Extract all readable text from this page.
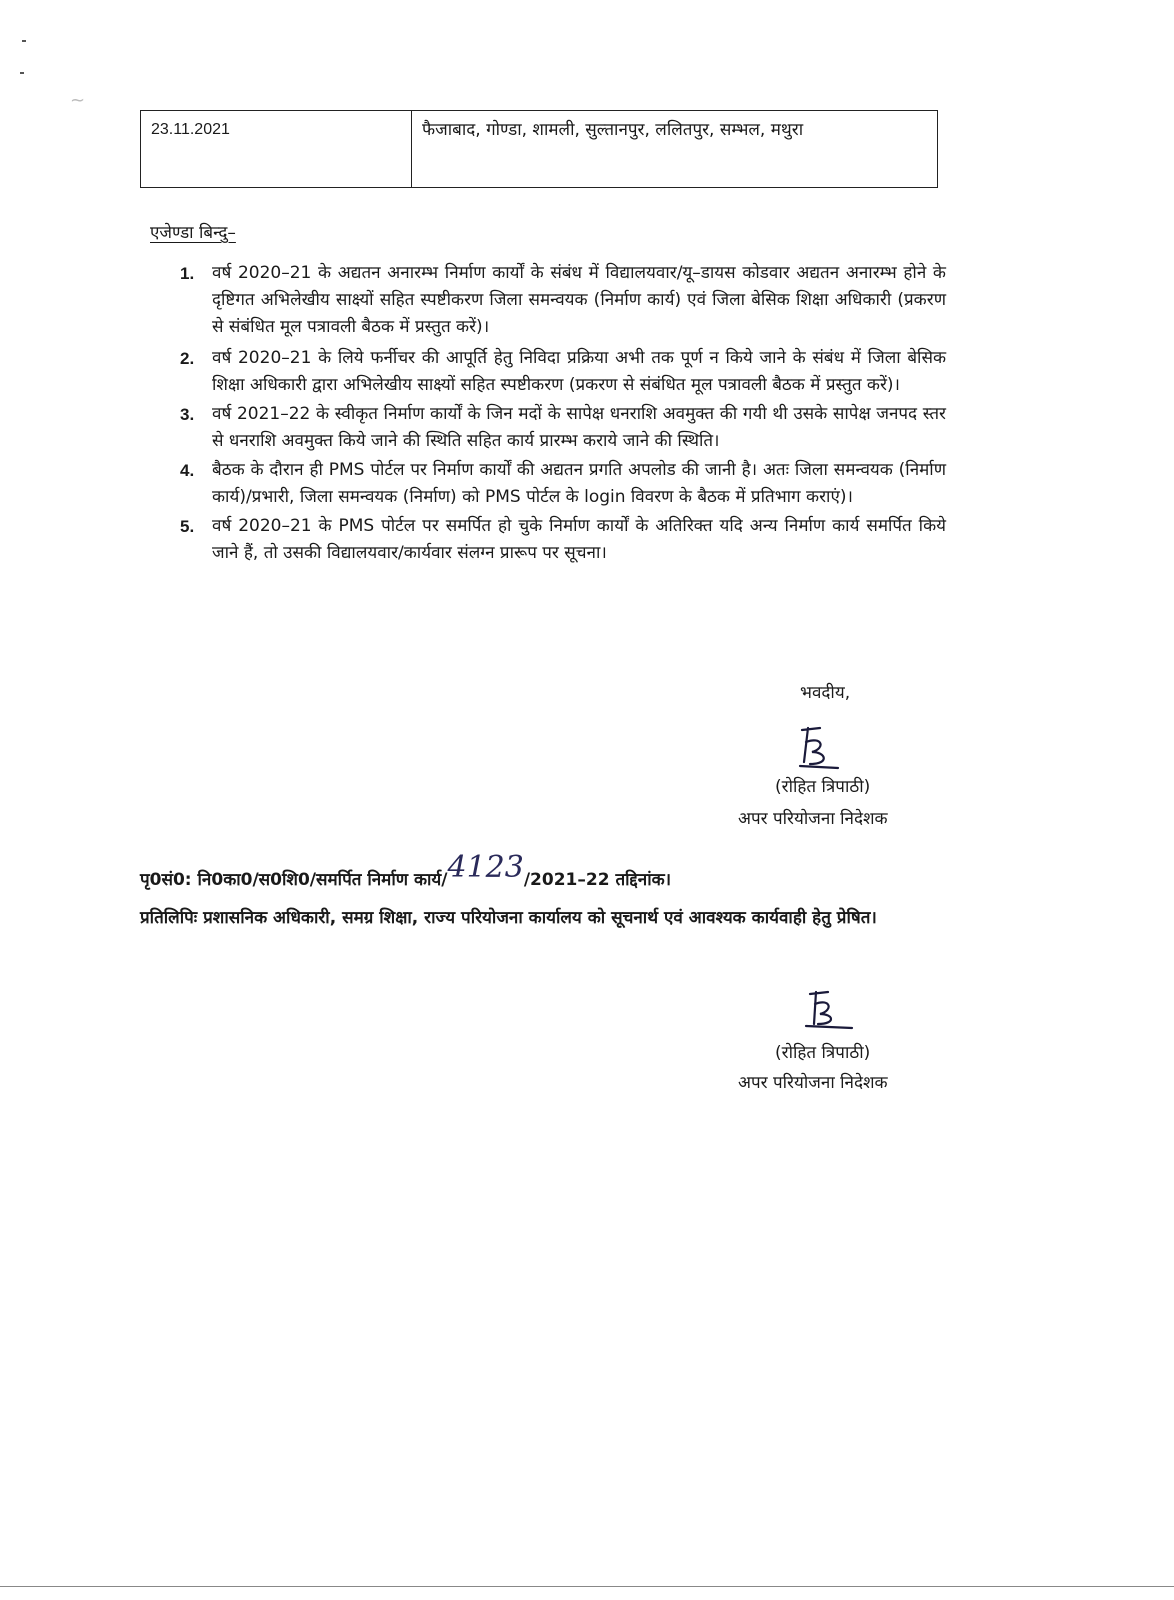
~
23.11.2021	फैजाबाद, गोण्डा, शामली, सुल्तानपुर, ललितपुर, सम्भल, मथुरा
एजेण्डा बिन्दु–
1. वर्ष 2020–21 के अद्यतन अनारम्भ निर्माण कार्यों के संबंध में विद्यालयवार/यू–डायस कोडवार अद्यतन अनारम्भ होने के दृष्टिगत अभिलेखीय साक्ष्यों सहित स्पष्टीकरण जिला समन्वयक (निर्माण कार्य) एवं जिला बेसिक शिक्षा अधिकारी (प्रकरण से संबंधित मूल पत्रावली बैठक में प्रस्तुत करें)।
2. वर्ष 2020–21 के लिये फर्नीचर की आपूर्ति हेतु निविदा प्रक्रिया अभी तक पूर्ण न किये जाने के संबंध में जिला बेसिक शिक्षा अधिकारी द्वारा अभिलेखीय साक्ष्यों सहित स्पष्टीकरण (प्रकरण से संबंधित मूल पत्रावली बैठक में प्रस्तुत करें)।
3. वर्ष 2021–22 के स्वीकृत निर्माण कार्यों के जिन मदों के सापेक्ष धनराशि अवमुक्त की गयी थी उसके सापेक्ष जनपद स्तर से धनराशि अवमुक्त किये जाने की स्थिति सहित कार्य प्रारम्भ कराये जाने की स्थिति।
4. बैठक के दौरान ही PMS पोर्टल पर निर्माण कार्यों की अद्यतन प्रगति अपलोड की जानी है। अतः जिला समन्वयक (निर्माण कार्य)/प्रभारी, जिला समन्वयक (निर्माण) को PMS पोर्टल के login विवरण के बैठक में प्रतिभाग कराएं)।
5. वर्ष 2020–21 के PMS पोर्टल पर समर्पित हो चुके निर्माण कार्यों के अतिरिक्त यदि अन्य निर्माण कार्य समर्पित किये जाने हैं, तो उसकी विद्यालयवार/कार्यवार संलग्न प्रारूप पर सूचना।
भवदीय,
(रोहित त्रिपाठी)
अपर परियोजना निदेशक
पृ0सं0: नि0का0/स0शि0/समर्पित निर्माण कार्य/4123/2021–22 तद्दिनांक।
प्रतिलिपिः प्रशासनिक अधिकारी, समग्र शिक्षा, राज्य परियोजना कार्यालय को सूचनार्थ एवं आवश्यक कार्यवाही हेतु प्रेषित।
(रोहित त्रिपाठी)
अपर परियोजना निदेशक
